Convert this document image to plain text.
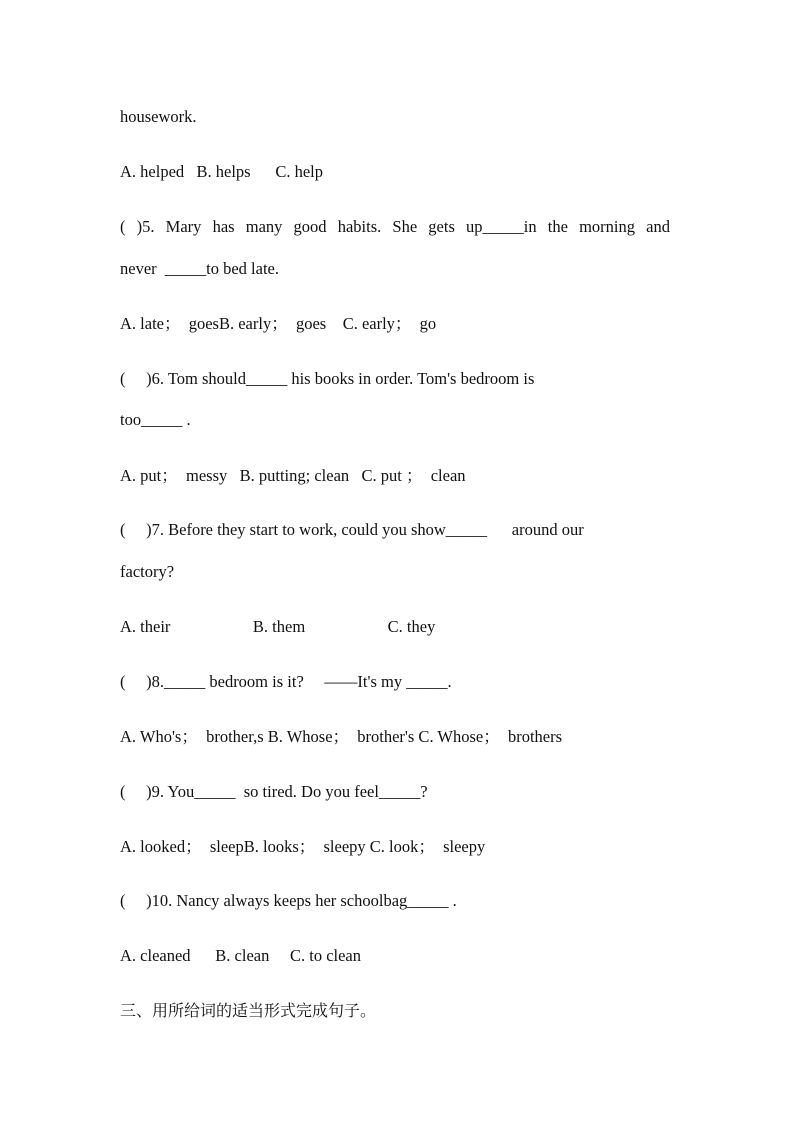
housework.
A. helped   B. helps      C. help
( )5. Mary has many good habits. She gets up_____in the morning and
never  _____to bed late.
A. late；  goesB. early；  goes    C. early；  go
(     )6. Tom should_____ his books in order. Tom's bedroom is
too_____ .
A. put；  messy   B. putting; clean   C. put ；  clean
(     )7. Before they start to work, could you show_____      around our
factory?
A. their                    B. them                    C. they
(     )8._____ bedroom is it?     ——It's my _____.
A. Who's；  brother,s B. Whose；  brother's C. Whose；  brothers
(     )9. You_____  so tired. Do you feel_____?
A. looked；  sleepB. looks；  sleepy C. look；  sleepy
(     )10. Nancy always keeps her schoolbag_____ .
A. cleaned      B. clean     C. to clean
三、用所给词的适当形式完成句子。
